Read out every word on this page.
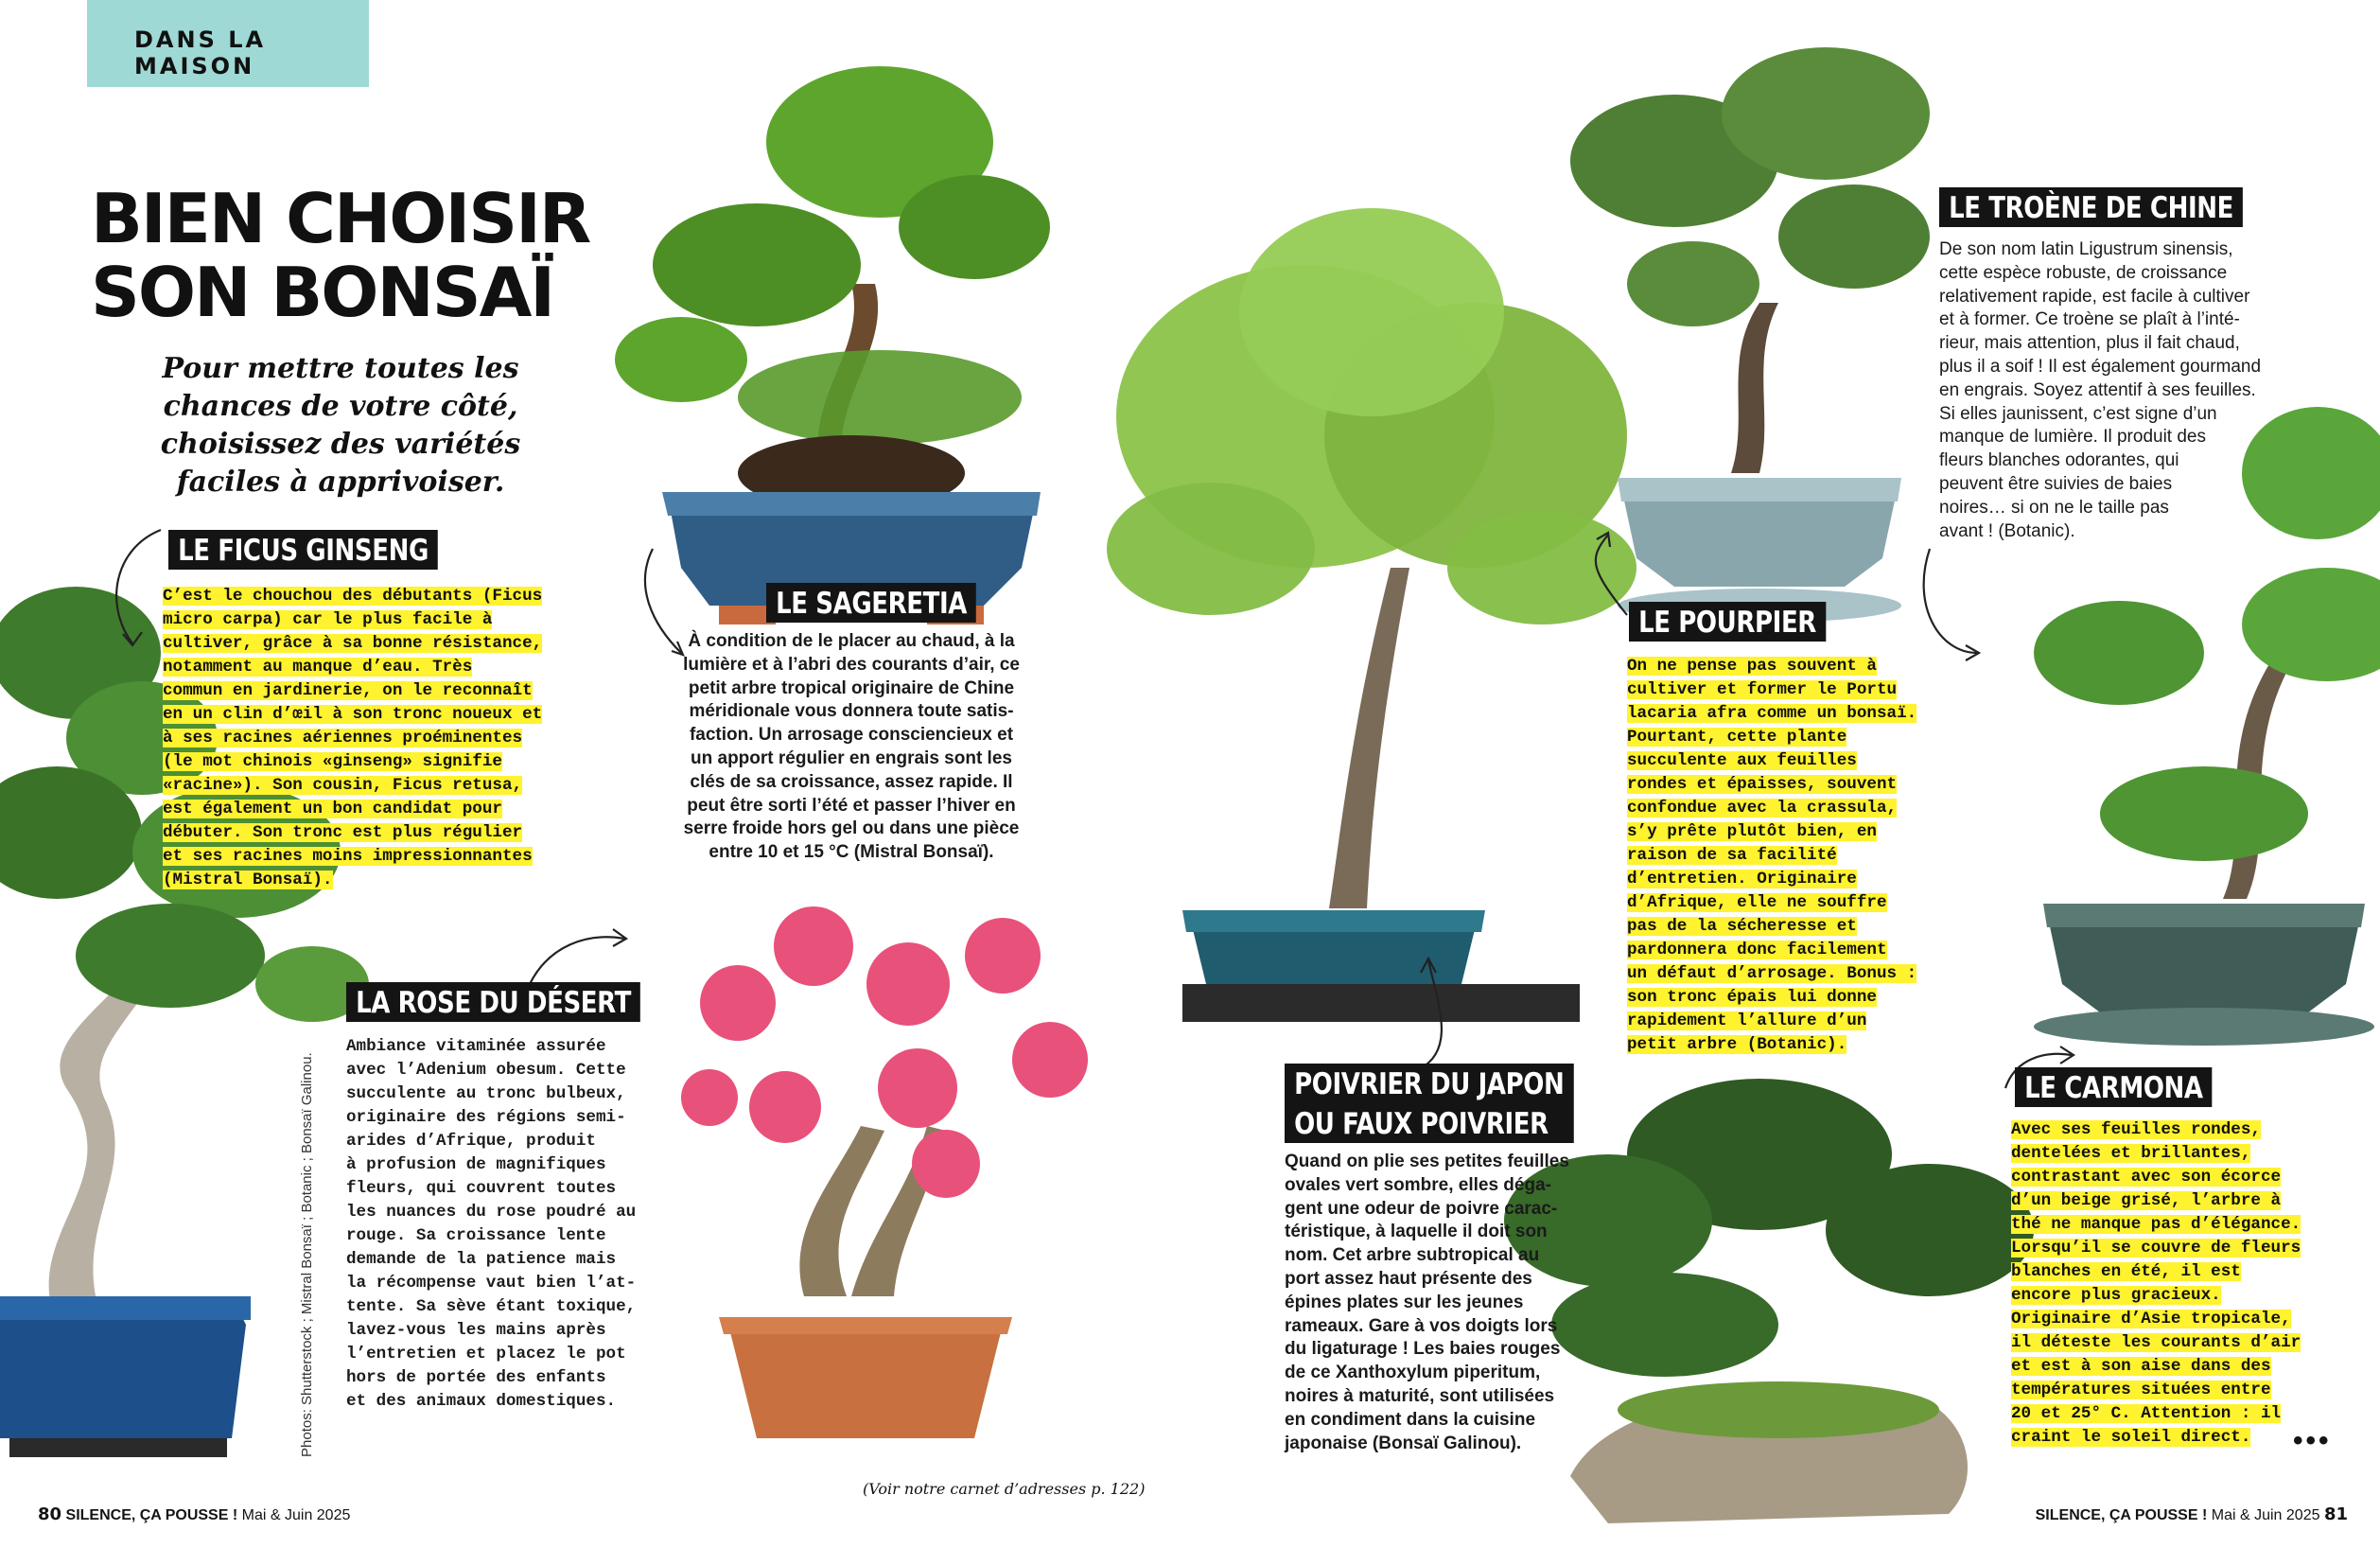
DANS LA MAISON
BIEN CHOISIR
SON BONSAÏ
Pour mettre toutes les chances de votre côté, choisissez des variétés faciles à apprivoiser.
LE FICUS GINSENG
C’est le chouchou des débutants (Ficus
micro carpa) car le plus facile à
cultiver, grâce à sa bonne résistance,
notamment au manque d’eau. Très
commun en jardinerie, on le reconnaît
en un clin d’œil à son tronc noueux et
à ses racines aériennes proéminentes
(le mot chinois «ginseng» signifie
«racine»). Son cousin, Ficus retusa,
est également un bon candidat pour
débuter. Son tronc est plus régulier
et ses racines moins impressionnantes
(Mistral Bonsaï).
LE SAGERETIA
À condition de le placer au chaud, à la
lumière et à l’abri des courants d’air, ce
petit arbre tropical originaire de Chine
méridionale vous donnera toute satis-
faction. Un arrosage consciencieux et
un apport régulier en engrais sont les
clés de sa croissance, assez rapide. Il
peut être sorti l’été et passer l’hiver en
serre froide hors gel ou dans une pièce
entre 10 et 15 °C (Mistral Bonsaï).
LA ROSE DU DÉSERT
Ambiance vitaminée assurée
avec l’Adenium obesum. Cette
succulente au tronc bulbeux,
originaire des régions semi-
arides d’Afrique, produit
à profusion de magnifiques
fleurs, qui couvrent toutes
les nuances du rose poudré au
rouge. Sa croissance lente
demande de la patience mais
la récompense vaut bien l’at-
tente. Sa sève étant toxique,
lavez-vous les mains après
l’entretien et placez le pot
hors de portée des enfants
et des animaux domestiques.
Photos: Shutterstock ; Mistral Bonsaï ; Botanic ; Bonsaï Galinou.	POIVRIER DU JAPON
OU FAUX POIVRIER
Quand on plie ses petites feuilles
ovales vert sombre, elles déga-
gent une odeur de poivre carac-
téristique, à laquelle il doit son
nom. Cet arbre subtropical au
port assez haut présente des
épines plates sur les jeunes
rameaux. Gare à vos doigts lors
du ligaturage ! Les baies rouges
de ce Xanthoxylum piperitum,
noires à maturité, sont utilisées
en condiment dans la cuisine
japonaise (Bonsaï Galinou).
LE POURPIER
On ne pense pas souvent à
cultiver et former le Portu
lacaria afra comme un bonsaï.
Pourtant, cette plante
succulente aux feuilles
rondes et épaisses, souvent
confondue avec la crassula,
s’y prête plutôt bien, en
raison de sa facilité
d’entretien. Originaire
d’Afrique, elle ne souffre
pas de la sécheresse et
pardonnera donc facilement
un défaut d’arrosage. Bonus :
son tronc épais lui donne
rapidement l’allure d’un
petit arbre (Botanic).
LE TROÈNE DE CHINE
De son nom latin Ligustrum sinensis,
cette espèce robuste, de croissance
relativement rapide, est facile à cultiver
et à former. Ce troène se plaît à l’inté-
rieur, mais attention, plus il fait chaud,
plus il a soif ! Il est également gourmand
en engrais. Soyez attentif à ses feuilles.
Si elles jaunissent, c’est signe d’un
manque de lumière. Il produit des
fleurs blanches odorantes, qui
peuvent être suivies de baies
noires… si on ne le taille pas
avant ! (Botanic).
LE CARMONA
Avec ses feuilles rondes,
dentelées et brillantes,
contrastant avec son écorce
d’un beige grisé, l’arbre à
thé ne manque pas d’élégance.
Lorsqu’il se couvre de fleurs
blanches en été, il est
encore plus gracieux.
Originaire d’Asie tropicale,
il déteste les courants d’air
et est à son aise dans des
températures situées entre
20 et 25° C. Attention : il
craint le soleil direct.	•••
(Voir notre carnet d’adresses p. 122)
80 SILENCE, ÇA POUSSE ! Mai & Juin 2025	SILENCE, ÇA POUSSE ! Mai & Juin 2025 81
